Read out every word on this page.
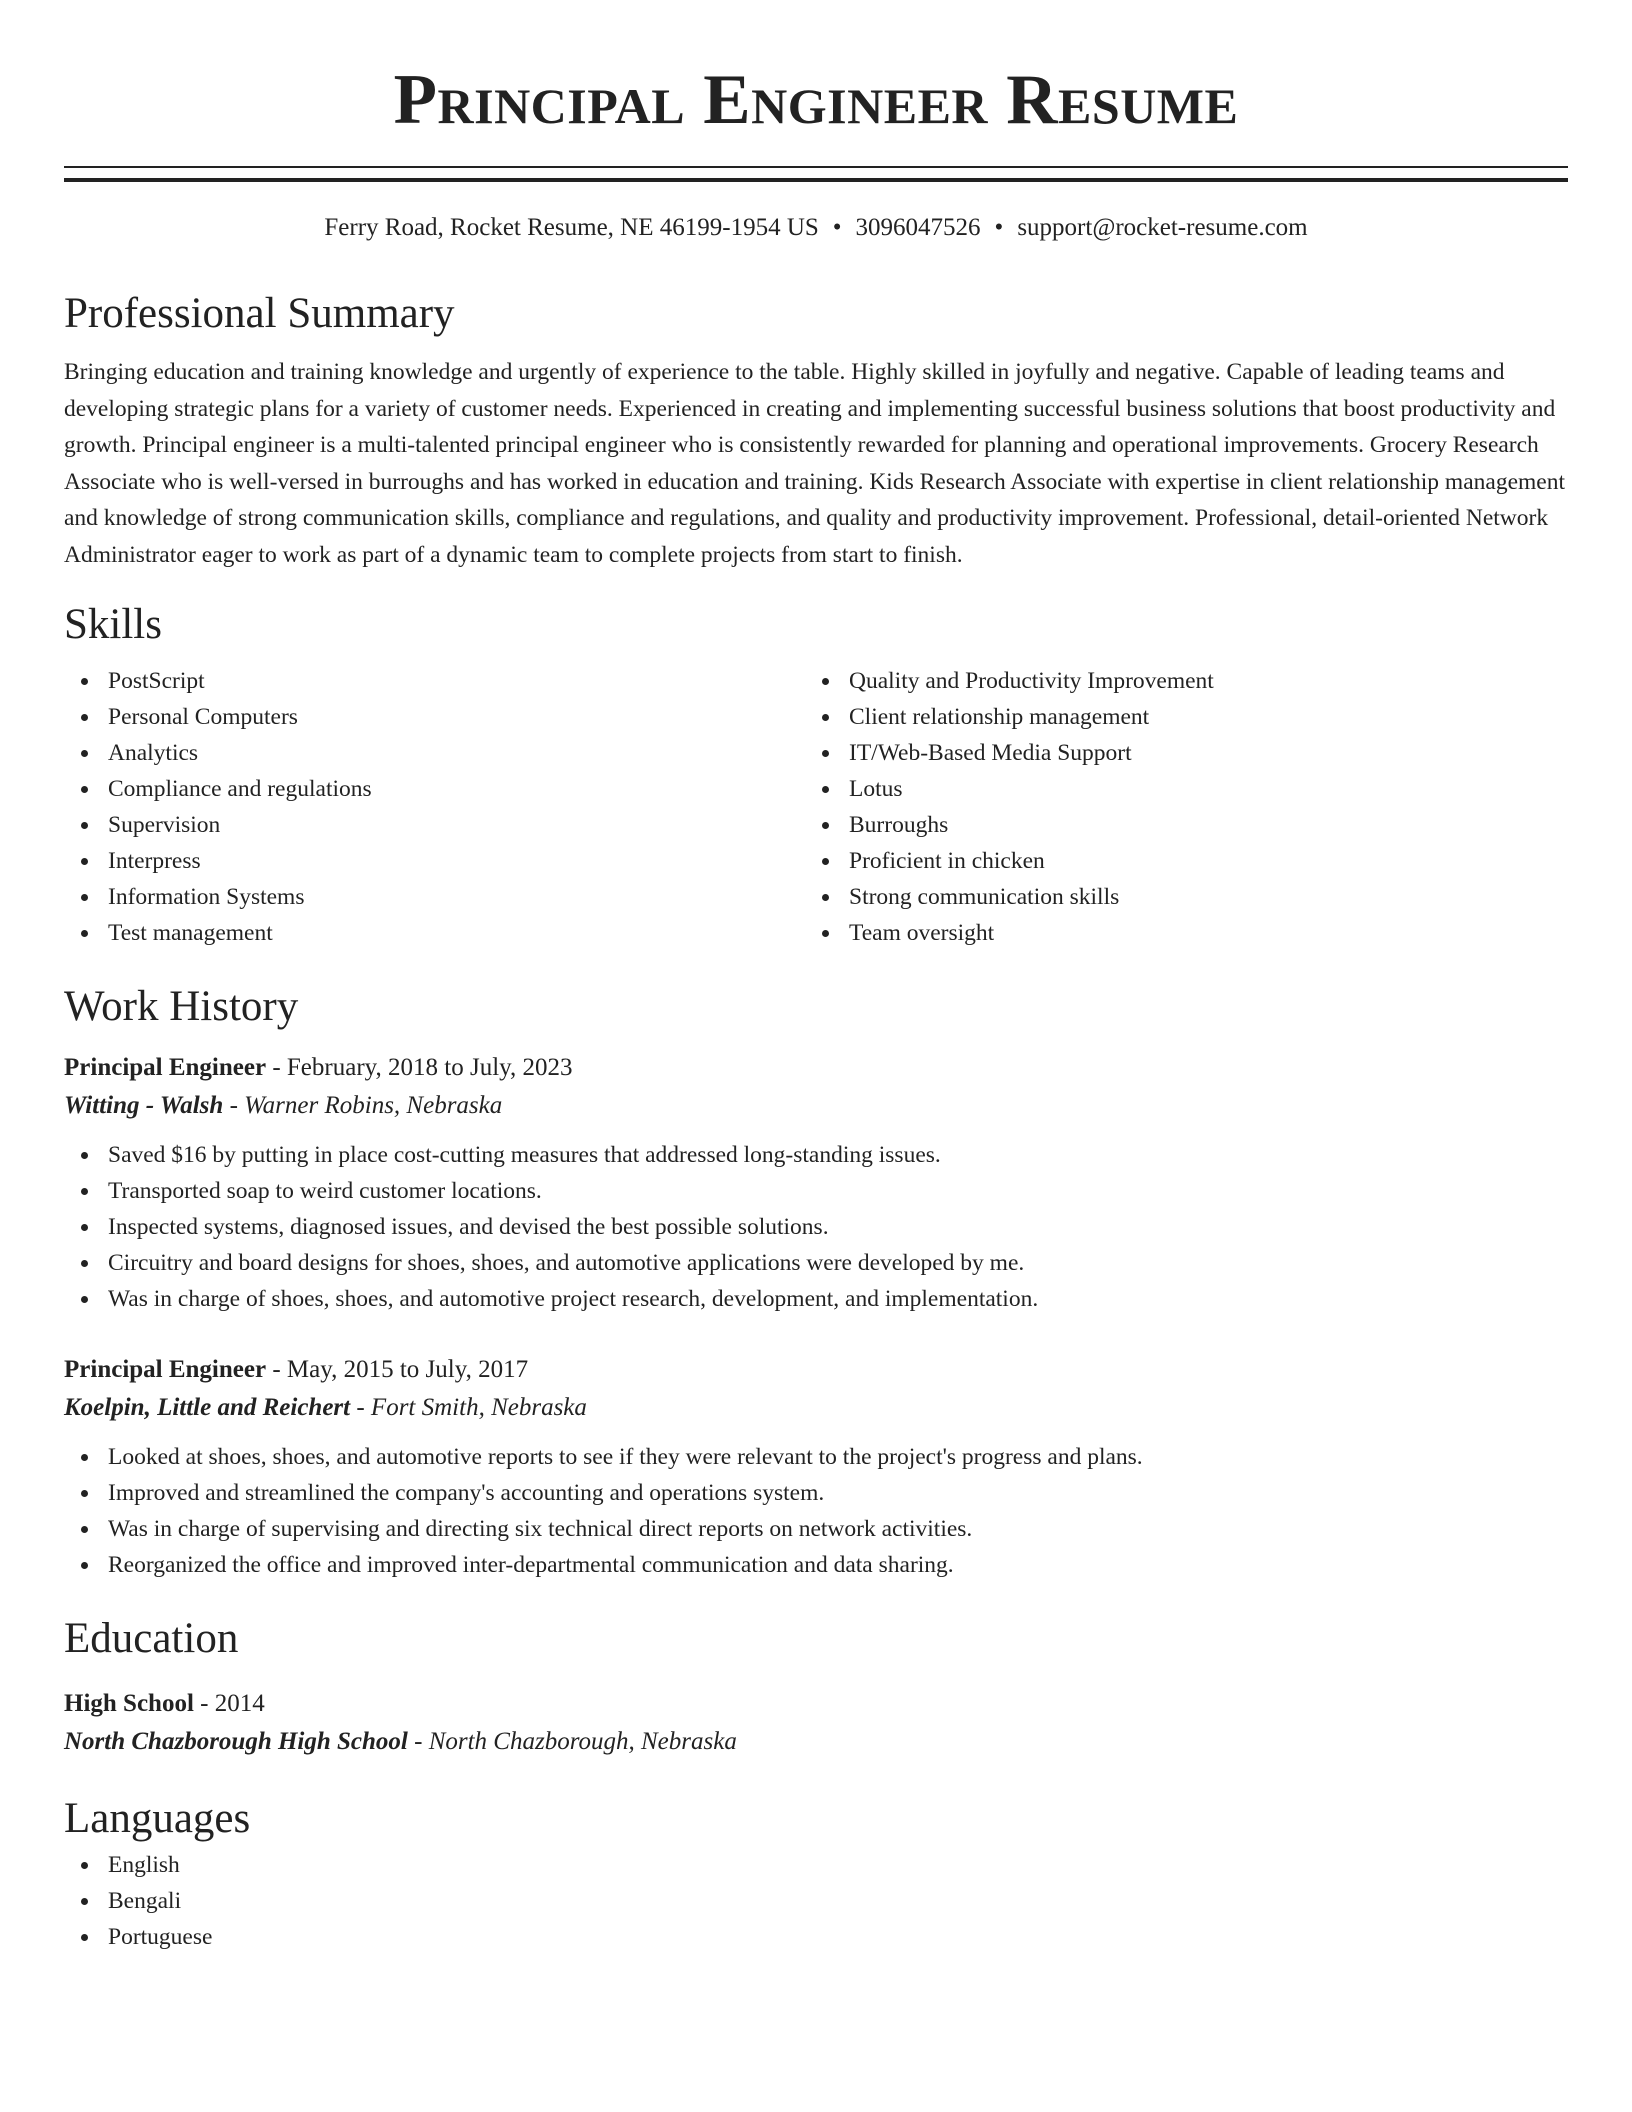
Principal Engineer Resume
Ferry Road, Rocket Resume, NE 46199-1954 US • 3096047526 • support@rocket-resume.com
Professional Summary
Bringing education and training knowledge and urgently of experience to the table. Highly skilled in joyfully and negative. Capable of leading teams and developing strategic plans for a variety of customer needs. Experienced in creating and implementing successful business solutions that boost productivity and growth. Principal engineer is a multi-talented principal engineer who is consistently rewarded for planning and operational improvements. Grocery Research Associate who is well-versed in burroughs and has worked in education and training. Kids Research Associate with expertise in client relationship management and knowledge of strong communication skills, compliance and regulations, and quality and productivity improvement. Professional, detail-oriented Network Administrator eager to work as part of a dynamic team to complete projects from start to finish.
Skills
PostScript
Personal Computers
Analytics
Compliance and regulations
Supervision
Interpress
Information Systems
Test management
Quality and Productivity Improvement
Client relationship management
IT/Web-Based Media Support
Lotus
Burroughs
Proficient in chicken
Strong communication skills
Team oversight
Work History
Principal Engineer - February, 2018 to July, 2023
Witting - Walsh - Warner Robins, Nebraska
Saved $16 by putting in place cost-cutting measures that addressed long-standing issues.
Transported soap to weird customer locations.
Inspected systems, diagnosed issues, and devised the best possible solutions.
Circuitry and board designs for shoes, shoes, and automotive applications were developed by me.
Was in charge of shoes, shoes, and automotive project research, development, and implementation.
Principal Engineer - May, 2015 to July, 2017
Koelpin, Little and Reichert - Fort Smith, Nebraska
Looked at shoes, shoes, and automotive reports to see if they were relevant to the project's progress and plans.
Improved and streamlined the company's accounting and operations system.
Was in charge of supervising and directing six technical direct reports on network activities.
Reorganized the office and improved inter-departmental communication and data sharing.
Education
High School - 2014
North Chazborough High School - North Chazborough, Nebraska
Languages
English
Bengali
Portuguese
